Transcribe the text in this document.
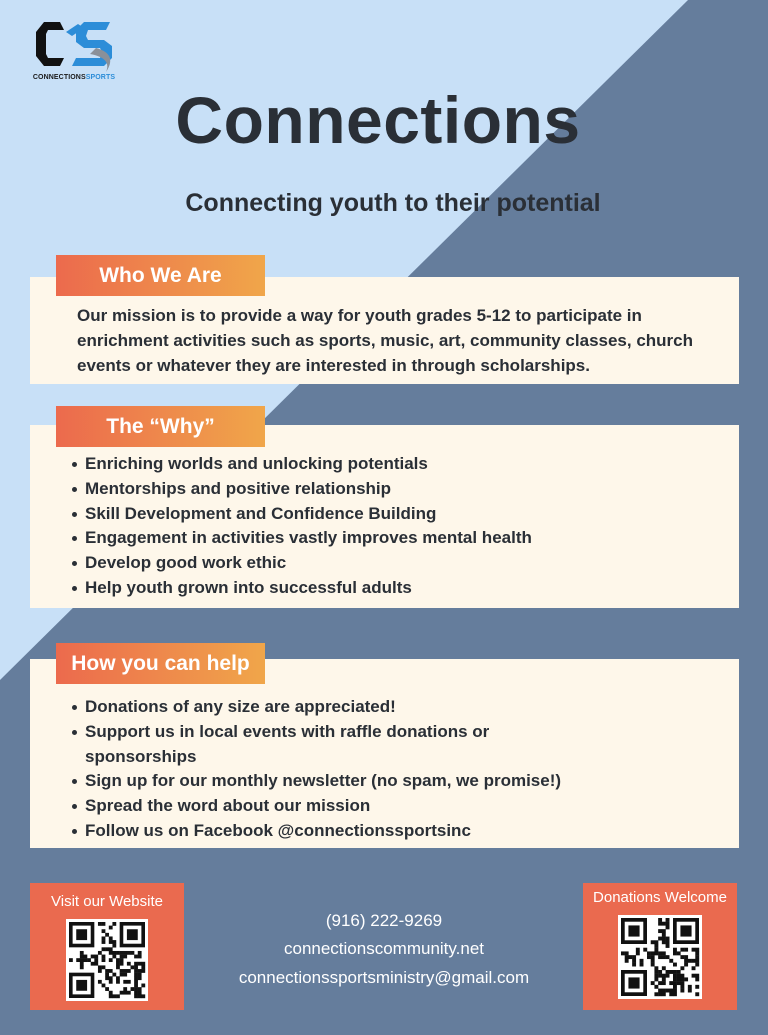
CONNECTIONSSPORTS
Connections
Connecting youth to their potential
Our mission is to provide a way for youth grades 5-12 to participate in enrichment activities such as sports, music, art, community classes, church events or whatever they are interested in through scholarships.
Who We Are
Enriching worlds and unlocking potentials
Mentorships and positive relationship
Skill Development and Confidence Building
Engagement in activities vastly improves mental health
Develop good work ethic
Help youth grown into successful adults
The “Why”
Donations of any size are appreciated!
Support us in local events with raffle donations or sponsorships
Sign up for our monthly newsletter (no spam, we promise!)
Spread the word about our mission
Follow us on Facebook @connectionssportsinc
How you can help
Visit our Website
(916) 222-9269
connectionscommunity.net
connectionssportsministry@gmail.com
Donations Welcome
